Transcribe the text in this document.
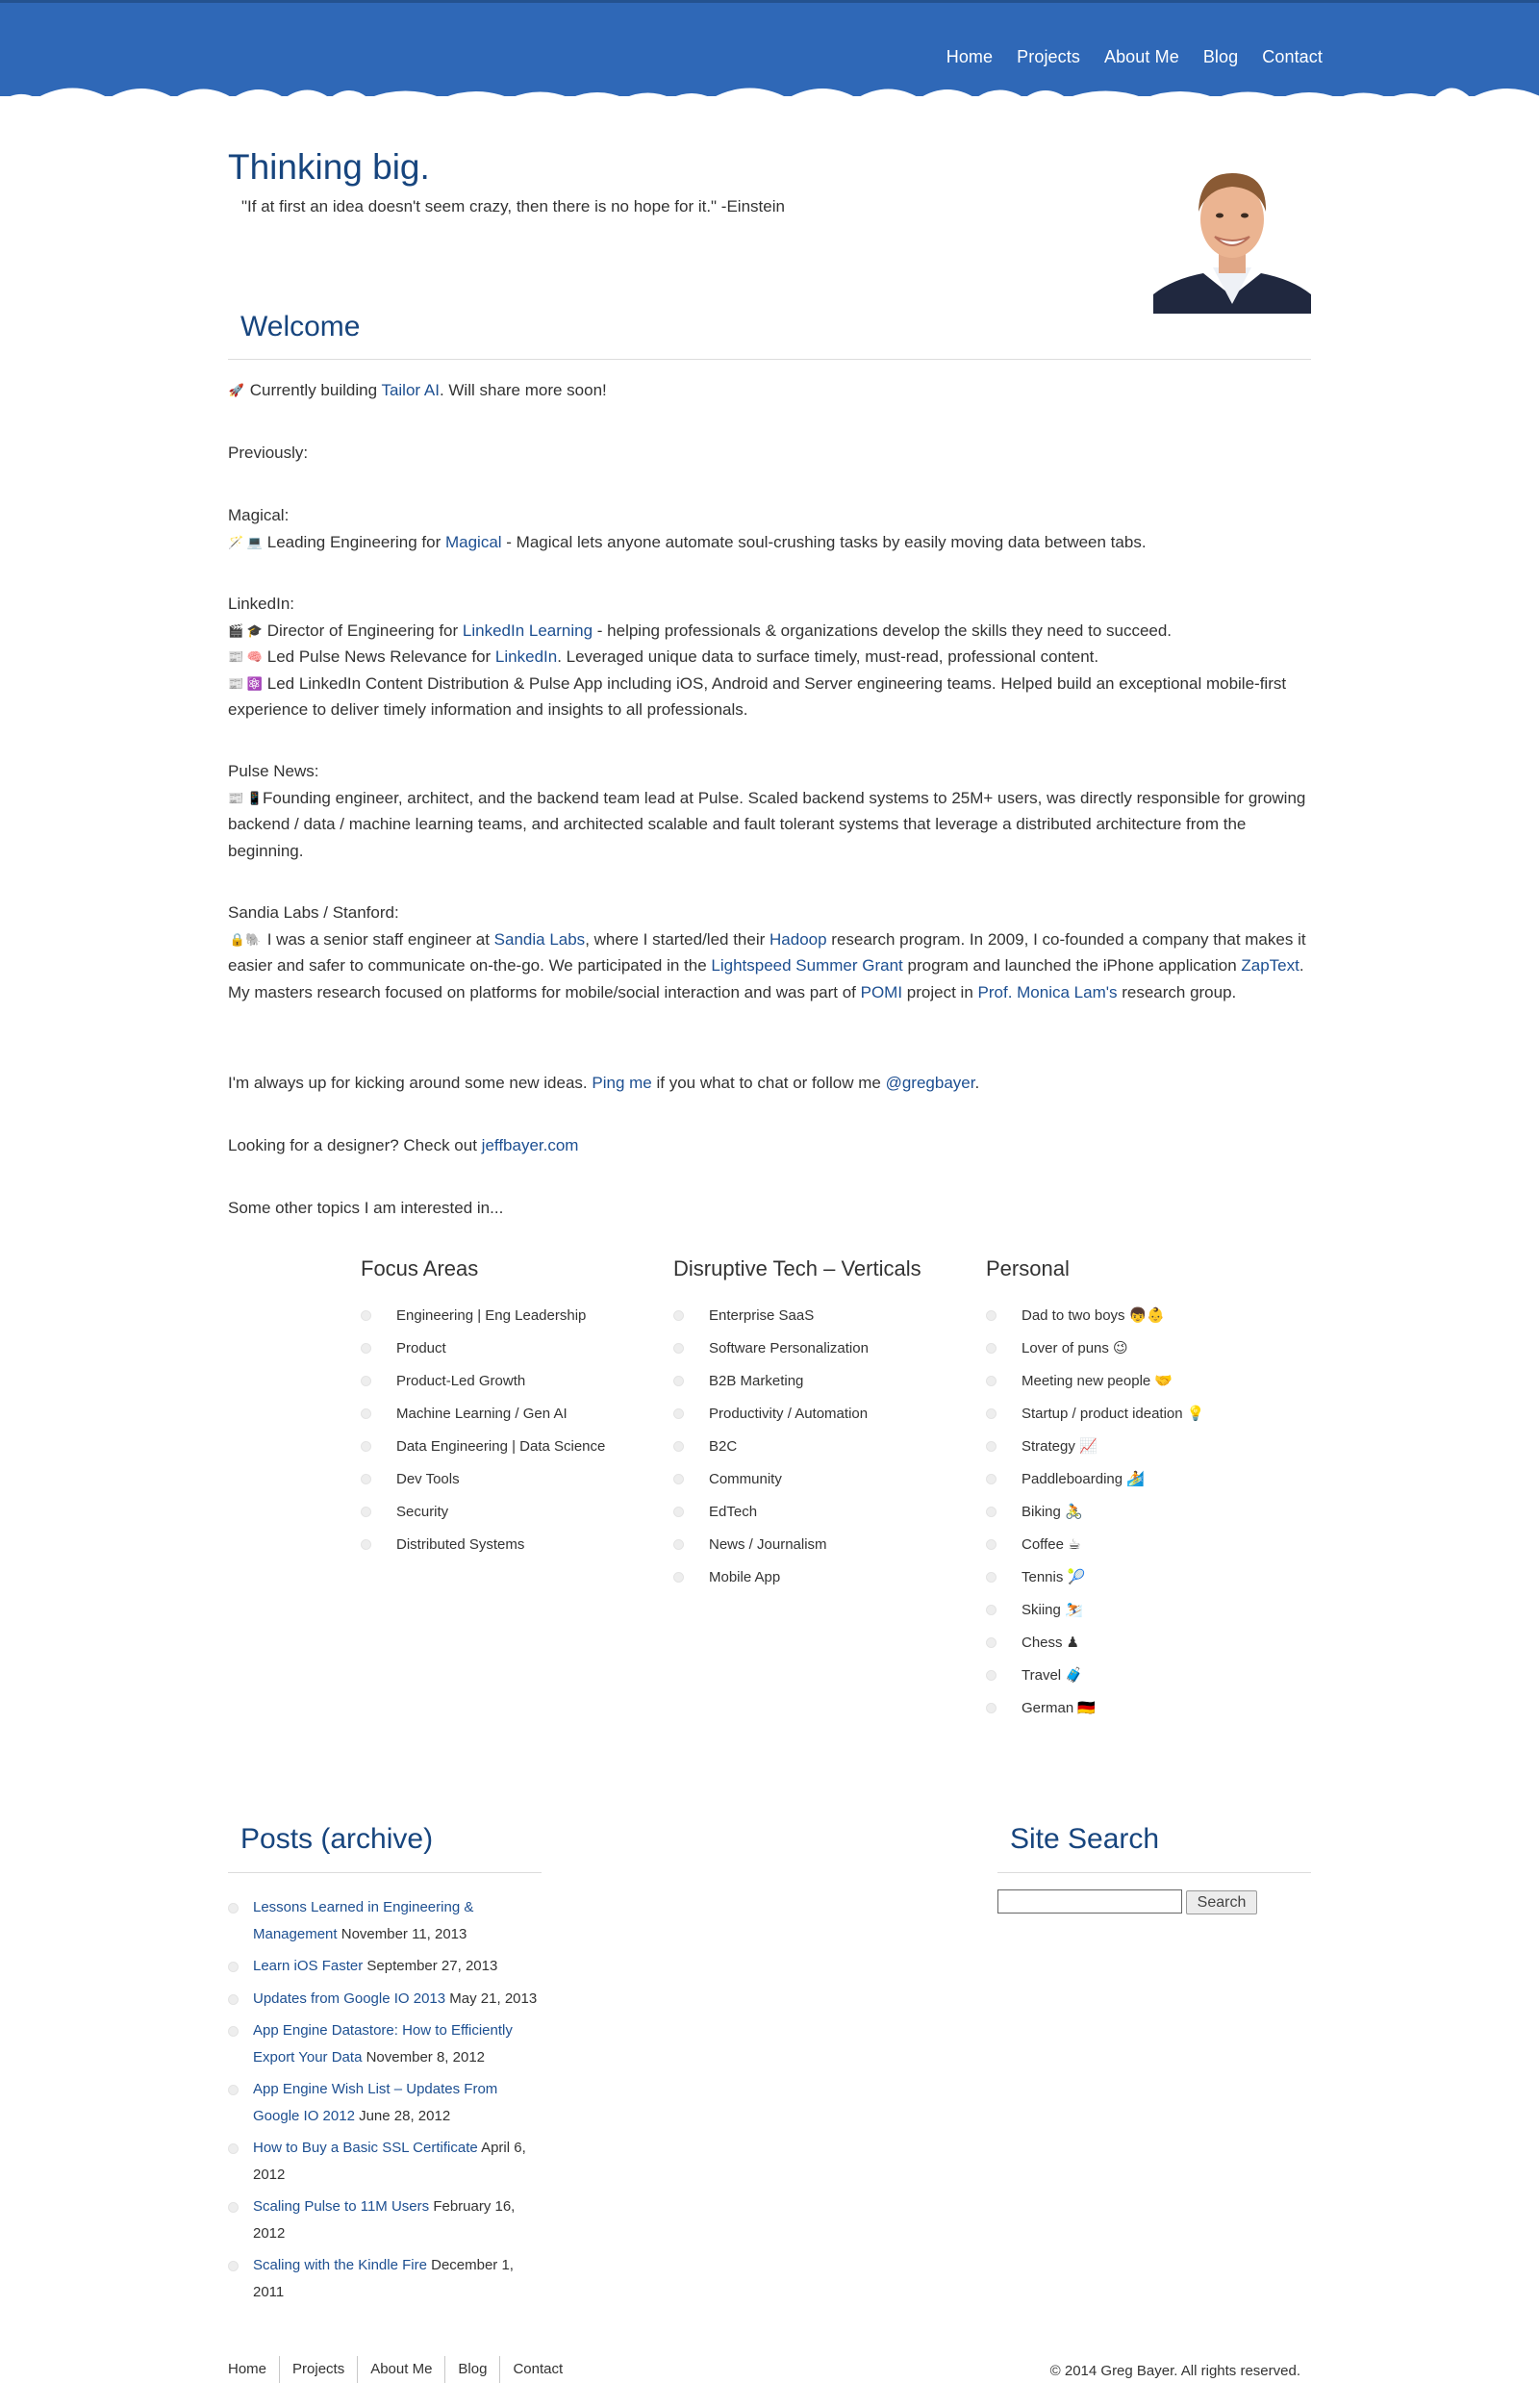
Home Projects About Me Blog Contact
Thinking big.

"If at first an idea doesn't seem crazy, then there is no hope for it." -Einstein

Welcome

🚀 Currently building Tailor AI. Will share more soon!

Previously:

Magical:
🪄 💻 Leading Engineering for Magical - Magical lets anyone automate soul-crushing tasks by easily moving data between tabs.
LinkedIn:
🎬 🎓 Director of Engineering for LinkedIn Learning - helping professionals & organizations develop the skills they need to succeed.
📰 🧠 Led Pulse News Relevance for LinkedIn. Leveraged unique data to surface timely, must-read, professional content.
📰 ⚛️ Led LinkedIn Content Distribution & Pulse App including iOS, Android and Server engineering teams. Helped build an exceptional mobile-first experience to deliver timely information and insights to all professionals.
Pulse News:
📰 📱Founding engineer, architect, and the backend team lead at Pulse. Scaled backend systems to 25M+ users, was directly responsible for growing backend / data / machine learning teams, and architected scalable and fault tolerant systems that leverage a distributed architecture from the beginning.
Sandia Labs / Stanford:
🔒🐘 I was a senior staff engineer at Sandia Labs, where I started/led their Hadoop research program. In 2009, I co-founded a company that makes it easier and safer to communicate on-the-go. We participated in the Lightspeed Summer Grant program and launched the iPhone application ZapText. My masters research focused on platforms for mobile/social interaction and was part of POMI project in Prof. Monica Lam's research group.

I'm always up for kicking around some new ideas. Ping me if you what to chat or follow me @gregbayer.

Looking for a designer? Check out jeffbayer.com

Some other topics I am interested in...

Focus Areas
Engineering | Eng Leadership
Product
Product-Led Growth
Machine Learning / Gen AI
Data Engineering | Data Science
Dev Tools
Security
Distributed Systems
Disruptive Tech – Verticals
Enterprise SaaS
Software Personalization
B2B Marketing
Productivity / Automation
B2C
Community
EdTech
News / Journalism
Mobile App
Personal
Dad to two boys 👦👶
Lover of puns 😉
Meeting new people 🤝
Startup / product ideation 💡
Strategy 📈
Paddleboarding 🏄
Biking 🚴
Coffee ☕
Tennis 🎾
Skiing ⛷️
Chess ♟
Travel 🧳
German 🇩🇪
Posts (archive)
Lessons Learned in Engineering & Management November 11, 2013
Learn iOS Faster September 27, 2013
Updates from Google IO 2013 May 21, 2013
App Engine Datastore: How to Efficiently Export Your Data November 8, 2012
App Engine Wish List – Updates From Google IO 2012 June 28, 2012
How to Buy a Basic SSL Certificate April 6, 2012
Scaling Pulse to 11M Users February 16, 2012
Scaling with the Kindle Fire December 1, 2011
Site Search
Search
Home	Projects	About Me	Blog	Contact	© 2014 Greg Bayer. All rights reserved.
